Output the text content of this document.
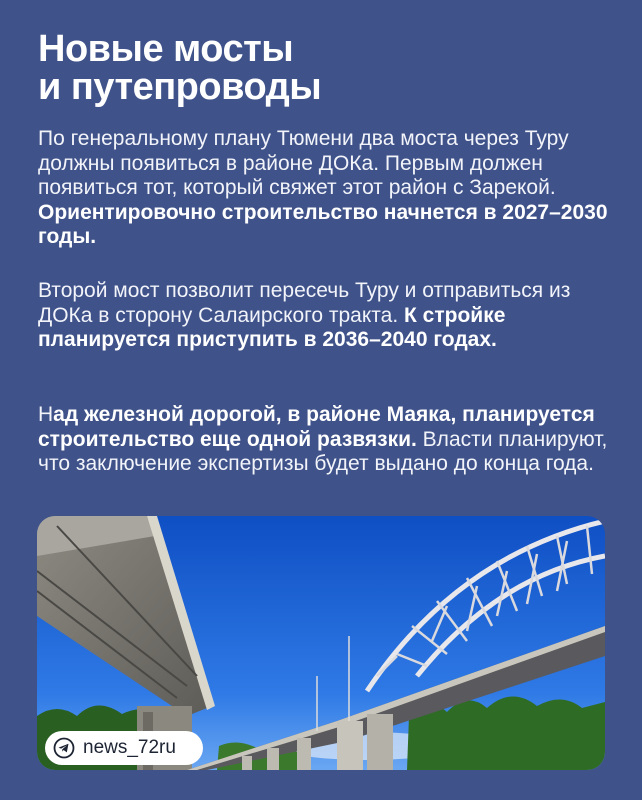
Новые мосты
и путепроводы
По генеральному плану Тюмени два моста через Туру должны появиться в районе ДОКа. Первым должен появиться тот, который свяжет этот район с Зарекой. Ориентировочно строительство начнется в 2027–2030 годы.
Второй мост позволит пересечь Туру и отправиться из ДОКа в сторону Салаирского тракта. К стройке планируется приступить в 2036–2040 годах.
Над железной дорогой, в районе Маяка, планируется строительство еще одной развязки. Власти планируют, что заключение экспертизы будет выдано до конца года.
news_72ru
